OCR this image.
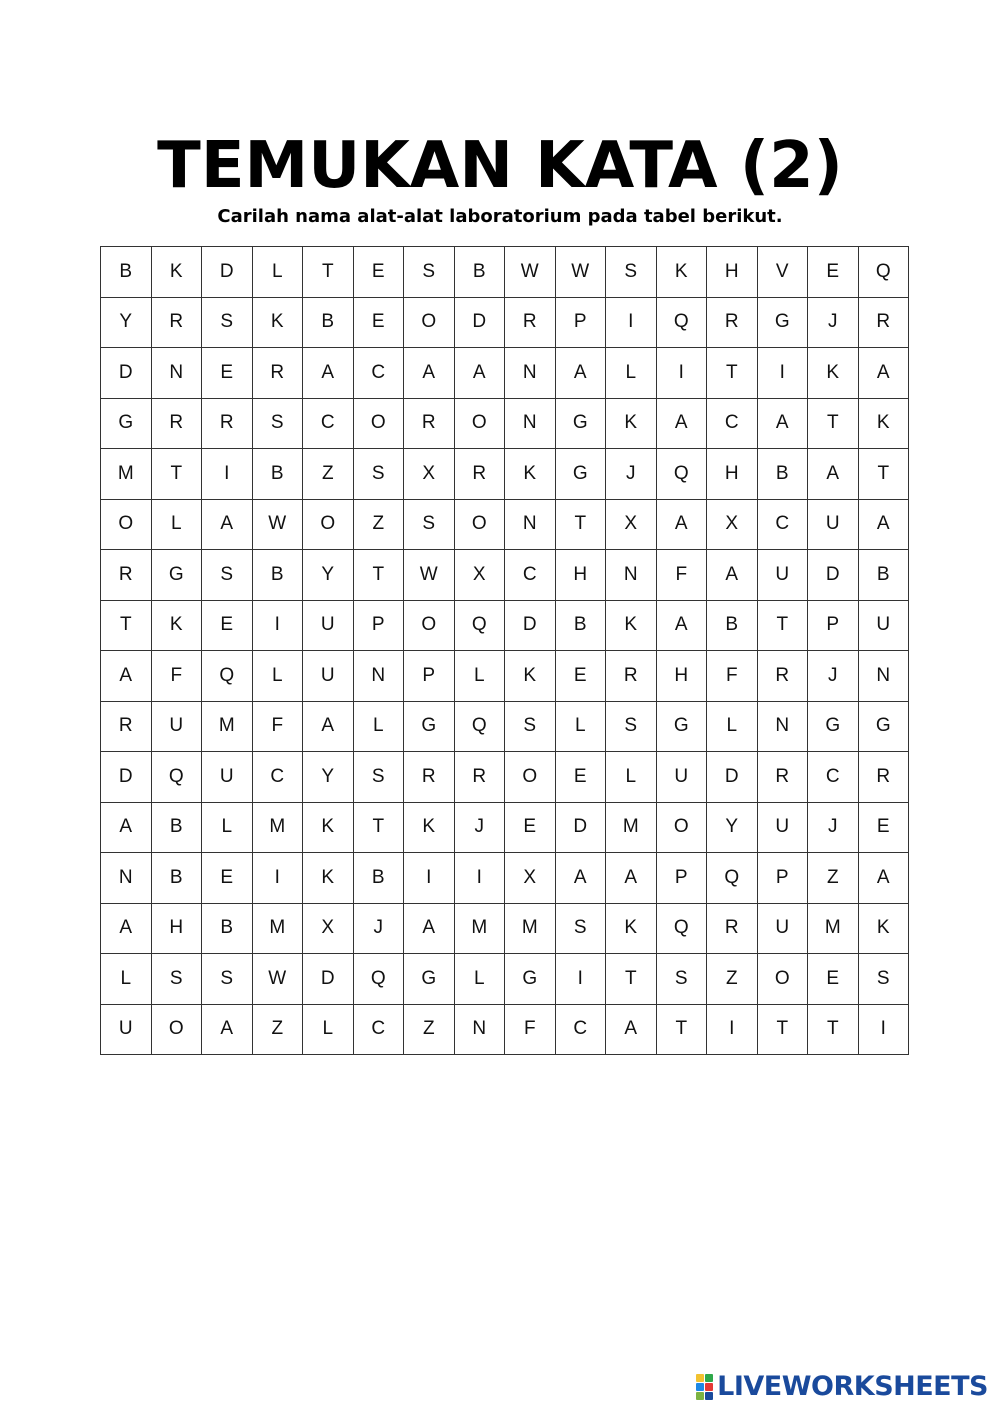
TEMUKAN KATA (2)

Carilah nama alat-alat laboratorium pada tabel berikut.

B	K	D	L	T	E	S	B	W	W	S	K	H	V	E	Q
Y	R	S	K	B	E	O	D	R	P	I	Q	R	G	J	R
D	N	E	R	A	C	A	A	N	A	L	I	T	I	K	A
G	R	R	S	C	O	R	O	N	G	K	A	C	A	T	K
M	T	I	B	Z	S	X	R	K	G	J	Q	H	B	A	T
O	L	A	W	O	Z	S	O	N	T	X	A	X	C	U	A
R	G	S	B	Y	T	W	X	C	H	N	F	A	U	D	B
T	K	E	I	U	P	O	Q	D	B	K	A	B	T	P	U
A	F	Q	L	U	N	P	L	K	E	R	H	F	R	J	N
R	U	M	F	A	L	G	Q	S	L	S	G	L	N	G	G
D	Q	U	C	Y	S	R	R	O	E	L	U	D	R	C	R
A	B	L	M	K	T	K	J	E	D	M	O	Y	U	J	E
N	B	E	I	K	B	I	I	X	A	A	P	Q	P	Z	A
A	H	B	M	X	J	A	M	M	S	K	Q	R	U	M	K
L	S	S	W	D	Q	G	L	G	I	T	S	Z	O	E	S
U	O	A	Z	L	C	Z	N	F	C	A	T	I	T	T	I
LIVEWORKSHEETS
